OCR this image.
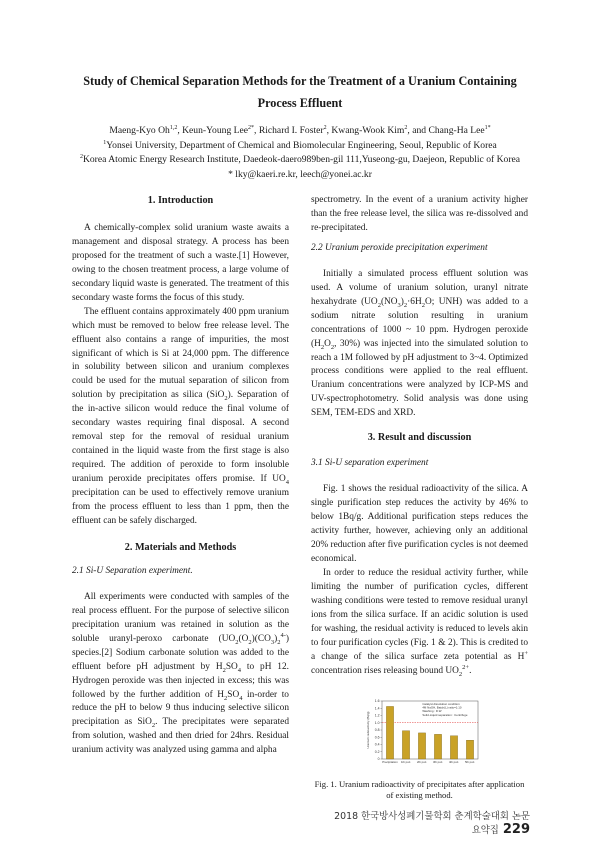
Study of Chemical Separation Methods for the Treatment of a Uranium Containing
Process Effluent
Maeng-Kyo Oh$^{1,2}$, Keun-Young Lee$^{2*}$, Richard I. Foster$^2$, Kwang-Wook Kim$^2$, and Chang-Ha Lee$^{1*}$
$^1$Yonsei University, Department of Chemical and Biomolecular Engineering, Seoul, Republic of Korea
$^2$Korea Atomic Energy Research Institute, Daedeok-daero989ben-gil 111,Yuseong-gu, Daejeon, Republic of Korea
* lky@kaeri.re.kr, leech@yonei.ac.kr
1. Introduction

A chemically-complex solid uranium waste awaits a management and disposal strategy. A process has been proposed for the treatment of such a waste.[1] However, owing to the chosen treatment process, a large volume of secondary liquid waste is generated. The treatment of this secondary waste forms the focus of this study.

The effluent contains approximately 400 ppm uranium which must be removed to below free release level. The effluent also contains a range of impurities, the most significant of which is Si at 24,000 ppm. The difference in solubility between silicon and uranium complexes could be used for the mutual separation of silicon from solution by precipitation as silica (SiO$_2$). Separation of the in-active silicon would reduce the final volume of secondary wastes requiring final disposal. A second removal step for the removal of residual uranium contained in the liquid waste from the first stage is also required. The addition of peroxide to form insoluble uranium peroxide precipitates offers promise. If $UO_4$ precipitation can be used to effectively remove uranium from the process effluent to less than 1 ppm, then the effluent can be safely discharged.

2. Materials and Methods
2.1 Si-U Separation experiment.

All experiments were conducted with samples of the real process effluent. For the purpose of selective silicon precipitation uranium was retained in solution as the soluble uranyl-peroxo carbonate $(UO_2(O_2)(CO_3)_2^{4-})$ species.[2] Sodium carbonate solution was added to the effluent before pH adjustment by $H_2SO_4$ to pH 12. Hydrogen peroxide was then injected in excess; this was followed by the further addition of $H_2SO_4$ in-order to reduce the pH to below 9 thus inducing selective silicon precipitation as SiO$_2$. The precipitates were separated from solution, washed and then dried for 24hrs. Residual uranium activity was analyzed using gamma and alpha

spectrometry. In the event of a uranium activity higher than the free release level, the silica was re-dissolved and re-precipitated.

2.2 Uranium peroxide precipitation experiment

Initially a simulated process effluent solution was used. A volume of uranium solution, uranyl nitrate hexahydrate ($UO_2(NO_3)_2\cdot 6H_2O$; UNH) was added to a sodium nitrate solution resulting in uranium concentrations of 1000 ~ 10 ppm. Hydrogen peroxide ($H_2O_2$, 30%) was injected into the simulated solution to reach a 1M followed by pH adjustment to 3~4. Optimized process conditions were applied to the real effluent. Uranium concentrations were analyzed by ICP-MS and UV-spectrophotometry. Solid analysis was done using SEM, TEM-EDS and XRD.

3. Result and discussion
3.1 Si-U separation experiment

Fig. 1 shows the residual radioactivity of the silica. A single purification step reduces the activity by 46% to below 1Bq/g. Additional purification steps reduces the activity further, however, achieving only an additional 20% reduction after five purification cycles is not deemed economical.

In order to reduce the residual activity further, while limiting the number of purification cycles, different washing conditions were tested to remove residual uranyl ions from the silica surface. If an acidic solution is used for washing, the residual activity is reduced to levels akin to four purification cycles (Fig. 1 & 2). This is credited to a change of the silica surface zeta potential as H+ concentration rises releasing bound $UO_2^{2+}$.

0
0.2
0.4
0.6
0.8
1.0
1.2
1.4
1.6
Precipitation 1th puri. 2th puri. 3th puri. 4th puri. 5th puri.
Uranium radioactivity (Bq/g)
Catalyst dissolution condition
4M NaOH, Batch(L) ratio=1:10
Washing : D.W
Solid-Liquid separation : Centrifuge
Fig. 1. Uranium radioactivity of precipitates after application of existing method.
2018 한국방사성폐기물학회 춘계학술대회 논문요약집 229
